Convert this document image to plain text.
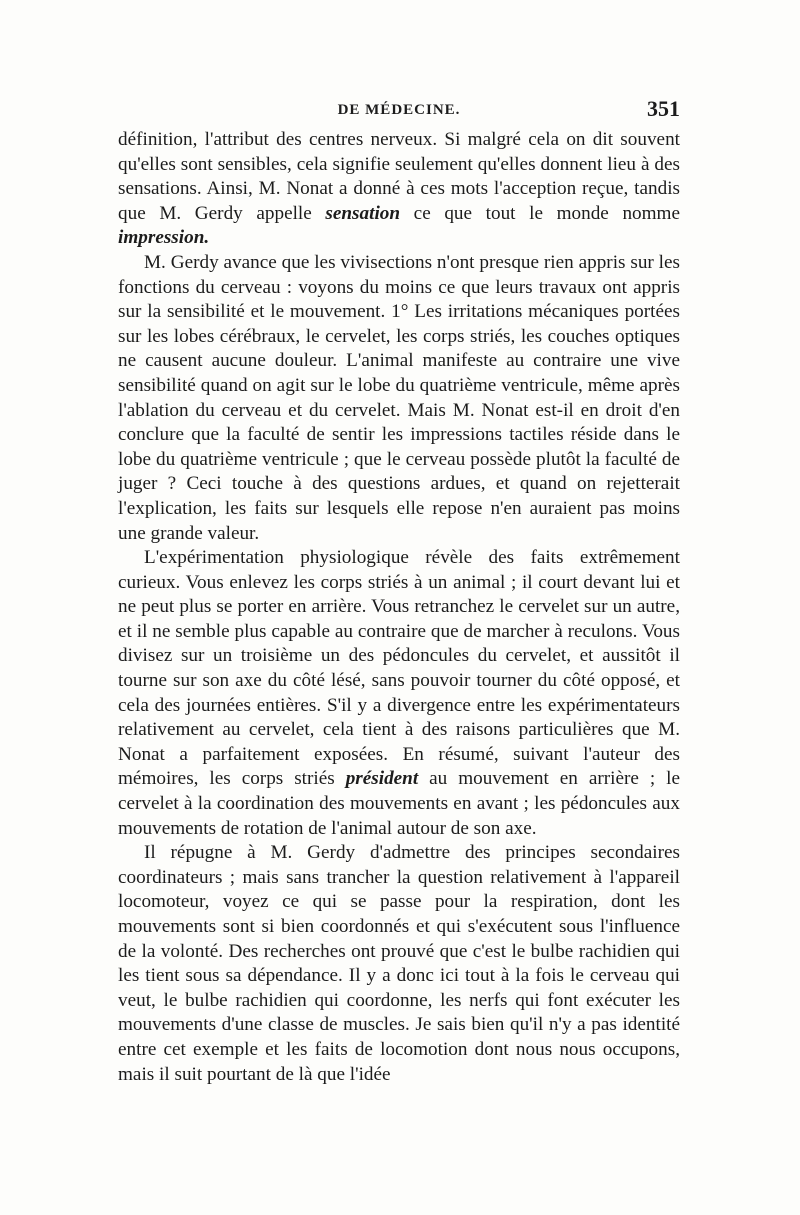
DE MÉDECINE.	351

définition, l'attribut des centres nerveux. Si malgré cela on dit souvent qu'elles sont sensibles, cela signifie seulement qu'elles donnent lieu à des sensations. Ainsi, M. Nonat a donné à ces mots l'acception reçue, tandis que M. Gerdy appelle sensation ce que tout le monde nomme impression.

M. Gerdy avance que les vivisections n'ont presque rien appris sur les fonctions du cerveau : voyons du moins ce que leurs travaux ont appris sur la sensibilité et le mouvement. 1° Les irritations mécaniques portées sur les lobes cérébraux, le cervelet, les corps striés, les couches optiques ne causent aucune douleur. L'animal manifeste au contraire une vive sensibilité quand on agit sur le lobe du quatrième ventricule, même après l'ablation du cerveau et du cervelet. Mais M. Nonat est-il en droit d'en conclure que la faculté de sentir les impressions tactiles réside dans le lobe du quatrième ventricule ; que le cerveau possède plutôt la faculté de juger ? Ceci touche à des questions ardues, et quand on rejetterait l'explication, les faits sur lesquels elle repose n'en auraient pas moins une grande valeur.

L'expérimentation physiologique révèle des faits extrêmement curieux. Vous enlevez les corps striés à un animal ; il court devant lui et ne peut plus se porter en arrière. Vous retranchez le cervelet sur un autre, et il ne semble plus capable au contraire que de marcher à reculons. Vous divisez sur un troisième un des pédoncules du cervelet, et aussitôt il tourne sur son axe du côté lésé, sans pouvoir tourner du côté opposé, et cela des journées entières. S'il y a divergence entre les expérimentateurs relativement au cervelet, cela tient à des raisons particulières que M. Nonat a parfaitement exposées. En résumé, suivant l'auteur des mémoires, les corps striés président au mouvement en arrière ; le cervelet à la coordination des mouvements en avant ; les pédoncules aux mouvements de rotation de l'animal autour de son axe.

Il répugne à M. Gerdy d'admettre des principes secondaires coordinateurs ; mais sans trancher la question relativement à l'appareil locomoteur, voyez ce qui se passe pour la respiration, dont les mouvements sont si bien coordonnés et qui s'exécutent sous l'influence de la volonté. Des recherches ont prouvé que c'est le bulbe rachidien qui les tient sous sa dépendance. Il y a donc ici tout à la fois le cerveau qui veut, le bulbe rachidien qui coordonne, les nerfs qui font exécuter les mouvements d'une classe de muscles. Je sais bien qu'il n'y a pas identité entre cet exemple et les faits de locomotion dont nous nous occupons, mais il suit pourtant de là que l'idée
